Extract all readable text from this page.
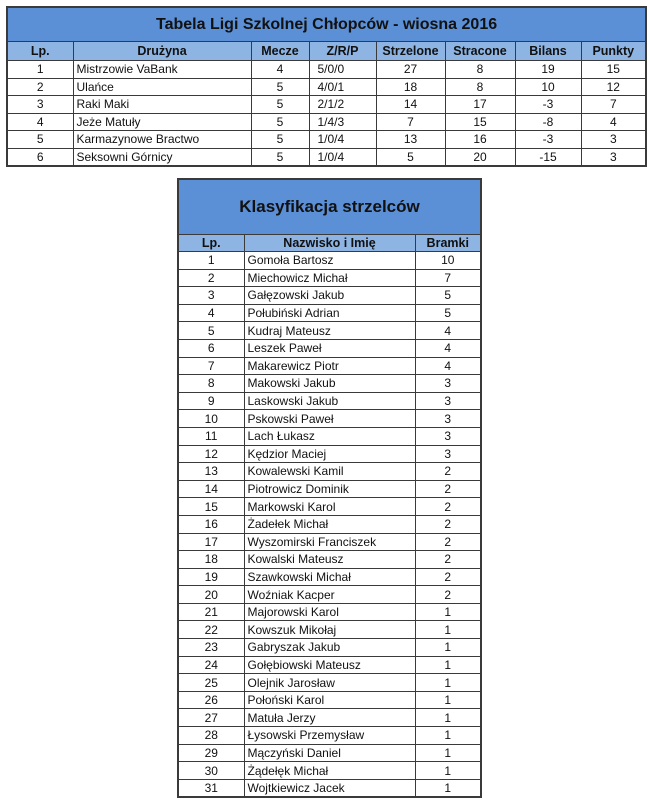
Tabela Ligi Szkolnej Chłopców - wiosna 2016							
Lp.	Drużyna	Mecze	Z/R/P	Strzelone	Stracone	Bilans	Punkty
1	Mistrzowie VaBank	4	5/0/0	27	8	19	15
2	Ulańce	5	4/0/1	18	8	10	12
3	Raki Maki	5	2/1/2	14	17	-3	7
4	Jeże Matuły	5	1/4/3	7	15	-8	4
5	Karmazynowe Bractwo	5	1/0/4	13	16	-3	3
6	Seksowni Górnicy	5	1/0/4	5	20	-15	3
Klasyfikacja strzelców		
Lp.	Nazwisko i Imię	Bramki
1	Gomoła Bartosz	10
2	Miechowicz Michał	7
3	Gałęzowski Jakub	5
4	Połubiński Adrian	5
5	Kudraj Mateusz	4
6	Leszek Paweł	4
7	Makarewicz Piotr	4
8	Makowski Jakub	3
9	Laskowski Jakub	3
10	Pskowski Paweł	3
11	Lach Łukasz	3
12	Kędzior Maciej	3
13	Kowalewski Kamil	2
14	Piotrowicz Dominik	2
15	Markowski Karol	2
16	Żadełek Michał	2
17	Wyszomirski Franciszek	2
18	Kowalski Mateusz	2
19	Szawkowski Michał	2
20	Woźniak Kacper	2
21	Majorowski Karol	1
22	Kowszuk Mikołaj	1
23	Gabryszak Jakub	1
24	Gołębiowski Mateusz	1
25	Olejnik Jarosław	1
26	Połoński Karol	1
27	Matuła Jerzy	1
28	Łysowski Przemysław	1
29	Mączyński Daniel	1
30	Żądełęk Michał	1
31	Wojtkiewicz Jacek	1
